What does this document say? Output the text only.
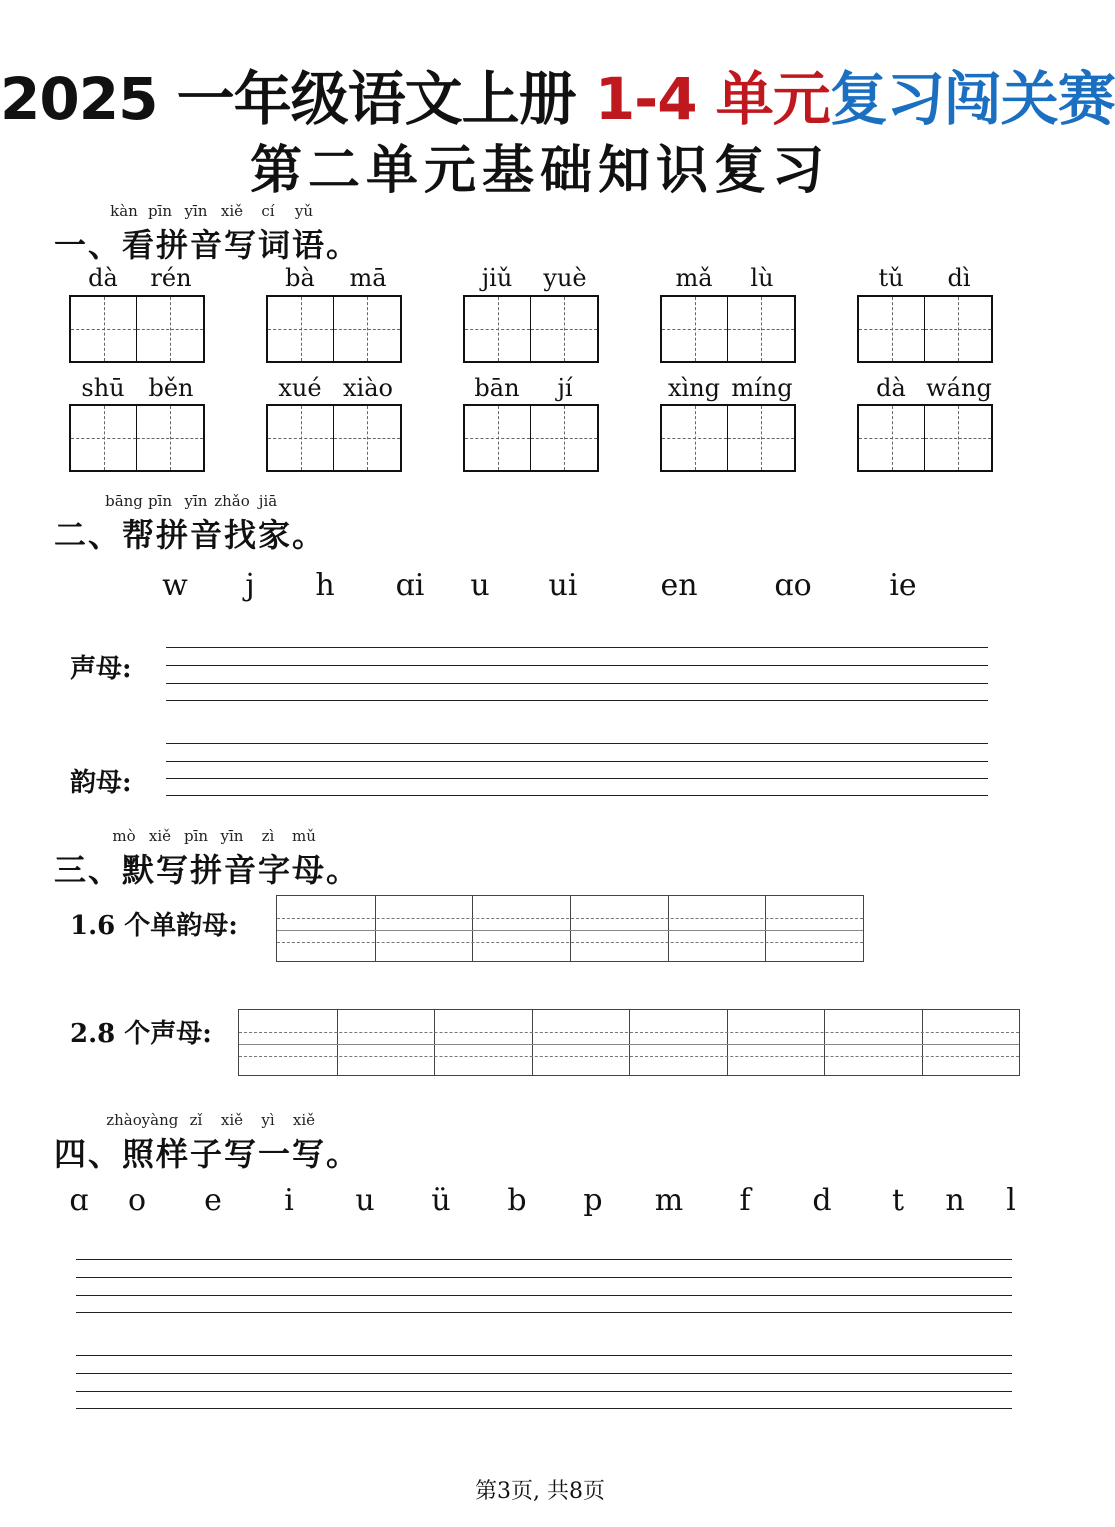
2025 一年级语文上册 1-4 单元复习闯关赛
第二单元基础知识复习
kàn pīn yīn xiě cí yǔ
一、看拼音写词语。
dà rén	bà mā	jiǔ yuè	mǎ lù	tǔ dì
shū běn	xué xiào	bān jí	xìng míng	dà wáng
bāng pīn yīn zhǎo jiā
二、帮拼音找家。
w j h ɑi u ui	en	ɑo	ie
声母:
韵母:
mò xiě pīn yīn zì mǔ
三、默写拼音字母。
1.6 个单韵母:
2.8 个声母:
zhào yàng zǐ xiě yì xiě
四、照样子写一写。
ɑ o e i u ü b p m f d t n l
第3页, 共8页
